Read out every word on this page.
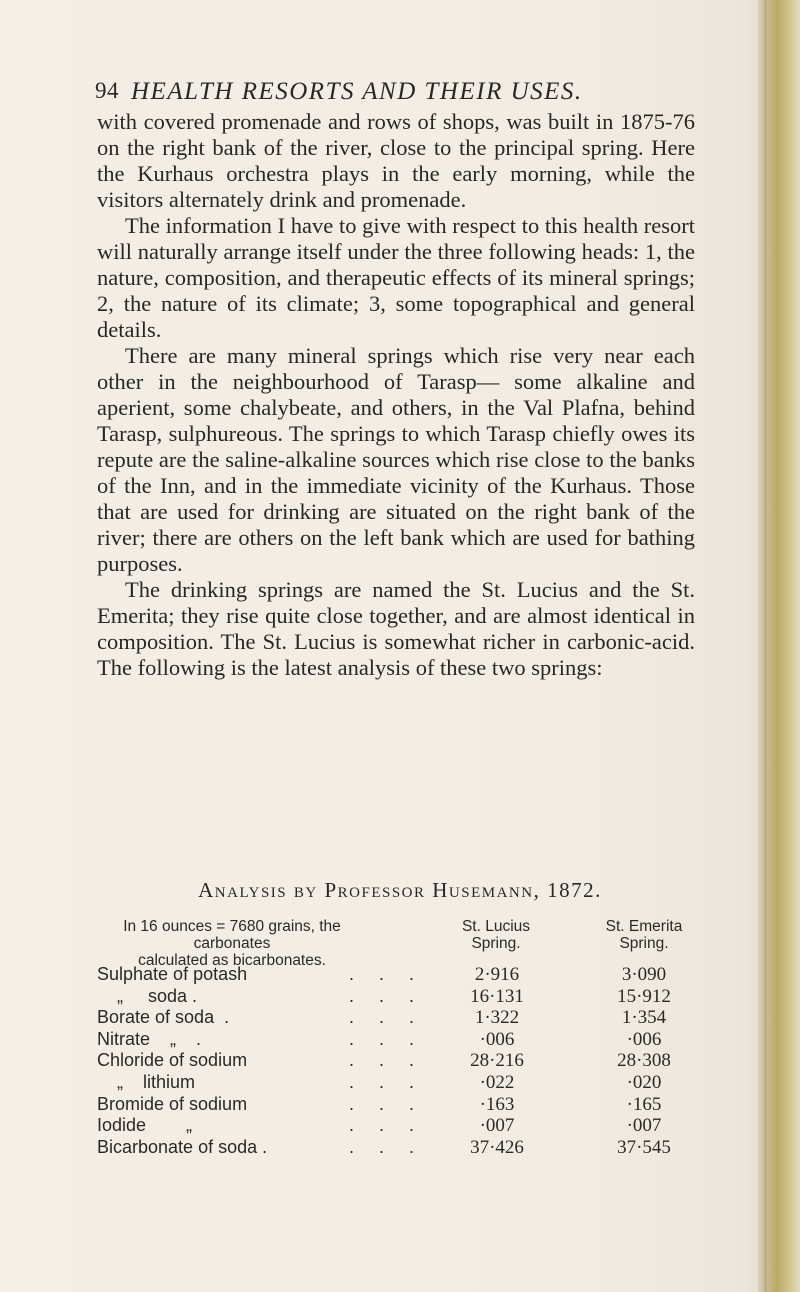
94 HEALTH RESORTS AND THEIR USES.

with covered promenade and rows of shops, was built in 1875-76 on the right bank of the river, close to the principal spring. Here the Kurhaus orchestra plays in the early morning, while the visitors alternately drink and promenade.

The information I have to give with respect to this health resort will naturally arrange itself under the three following heads: 1, the nature, composition, and therapeutic effects of its mineral springs; 2, the nature of its climate; 3, some topographical and general details.

There are many mineral springs which rise very near each other in the neighbourhood of Tarasp— some alkaline and aperient, some chalybeate, and others, in the Val Plafna, behind Tarasp, sulphureous. The springs to which Tarasp chiefly owes its repute are the saline-alkaline sources which rise close to the banks of the Inn, and in the immediate vicinity of the Kurhaus. Those that are used for drinking are situated on the right bank of the river; there are others on the left bank which are used for bathing purposes.

The drinking springs are named the St. Lucius and the St. Emerita; they rise quite close together, and are almost identical in composition. The St. Lucius is somewhat richer in carbonic-acid. The following is the latest analysis of these two springs:

Analysis by Professor Husemann, 1872.
In 16 ounces = 7680 grains, the carbonates
calculated as bicarbonates.
St. Lucius
Spring.
St. Emerita
Spring.
Sulphate of potash	. . .	2·916	3·090
„     soda .	. . .	16·131	15·912
Borate of soda  .	. . .	1·322	1·354
Nitrate    „    .	. . .	·006	·006
Chloride of sodium	. . .	28·216	28·308
„    lithium	. . .	·022	·020
Bromide of sodium	. . .	·163	·165
Iodide        „	. . .	·007	·007
Bicarbonate of soda .	. . .	37·426	37·545
